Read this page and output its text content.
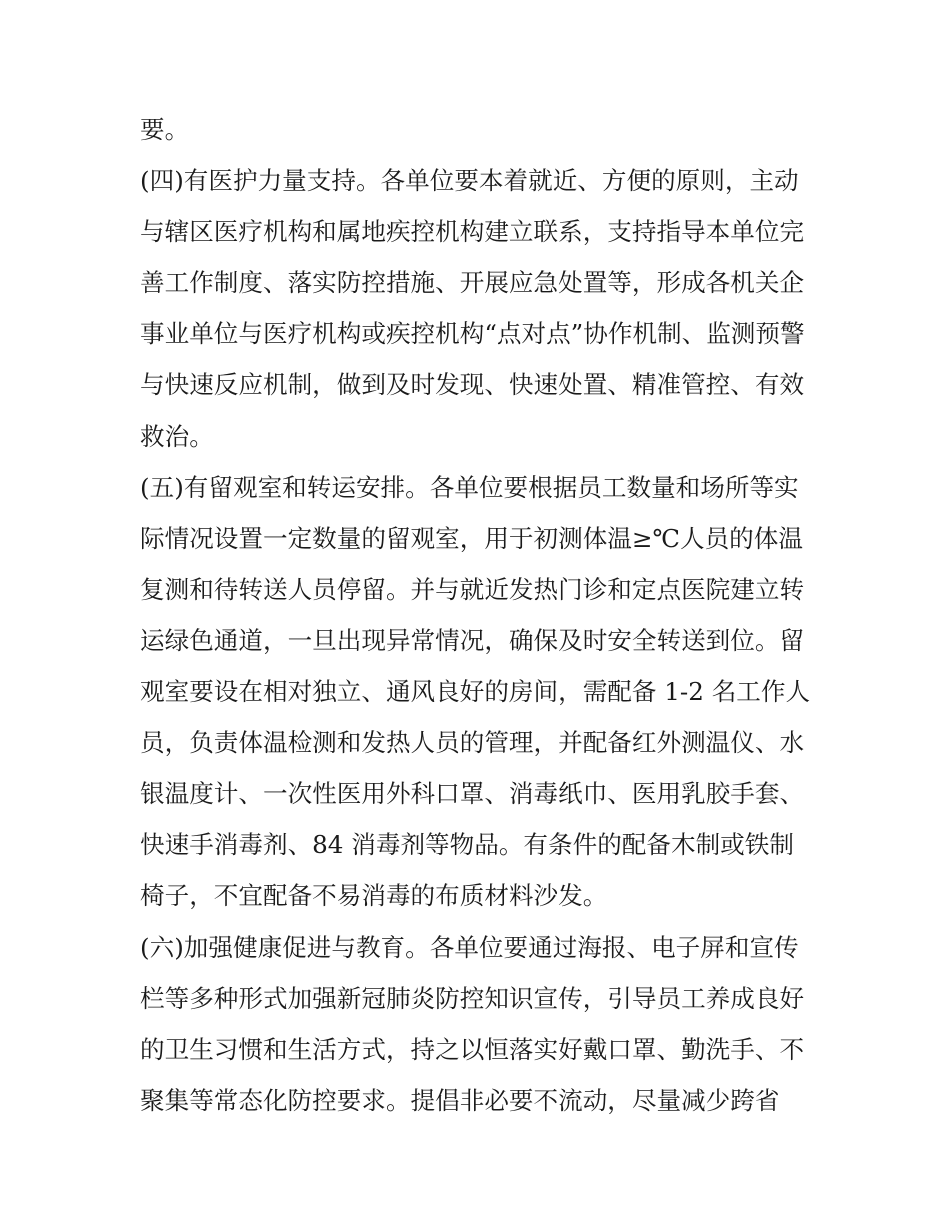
要。
(四)有医护力量支持。各单位要本着就近、方便的原则，主动
与辖区医疗机构和属地疾控机构建立联系，支持指导本单位完
善工作制度、落实防控措施、开展应急处置等，形成各机关企
事业单位与医疗机构或疾控机构“点对点”协作机制、监测预警
与快速反应机制，做到及时发现、快速处置、精准管控、有效
救治。
(五)有留观室和转运安排。各单位要根据员工数量和场所等实
际情况设置一定数量的留观室，用于初测体温≥℃人员的体温
复测和待转送人员停留。并与就近发热门诊和定点医院建立转
运绿色通道，一旦出现异常情况，确保及时安全转送到位。留
观室要设在相对独立、通风良好的房间，需配备 1-2 名工作人
员，负责体温检测和发热人员的管理，并配备红外测温仪、水
银温度计、一次性医用外科口罩、消毒纸巾、医用乳胶手套、
快速手消毒剂、84 消毒剂等物品。有条件的配备木制或铁制
椅子，不宜配备不易消毒的布质材料沙发。
(六)加强健康促进与教育。各单位要通过海报、电子屏和宣传
栏等多种形式加强新冠肺炎防控知识宣传，引导员工养成良好
的卫生习惯和生活方式，持之以恒落实好戴口罩、勤洗手、不
聚集等常态化防控要求。提倡非必要不流动，尽量减少跨省
